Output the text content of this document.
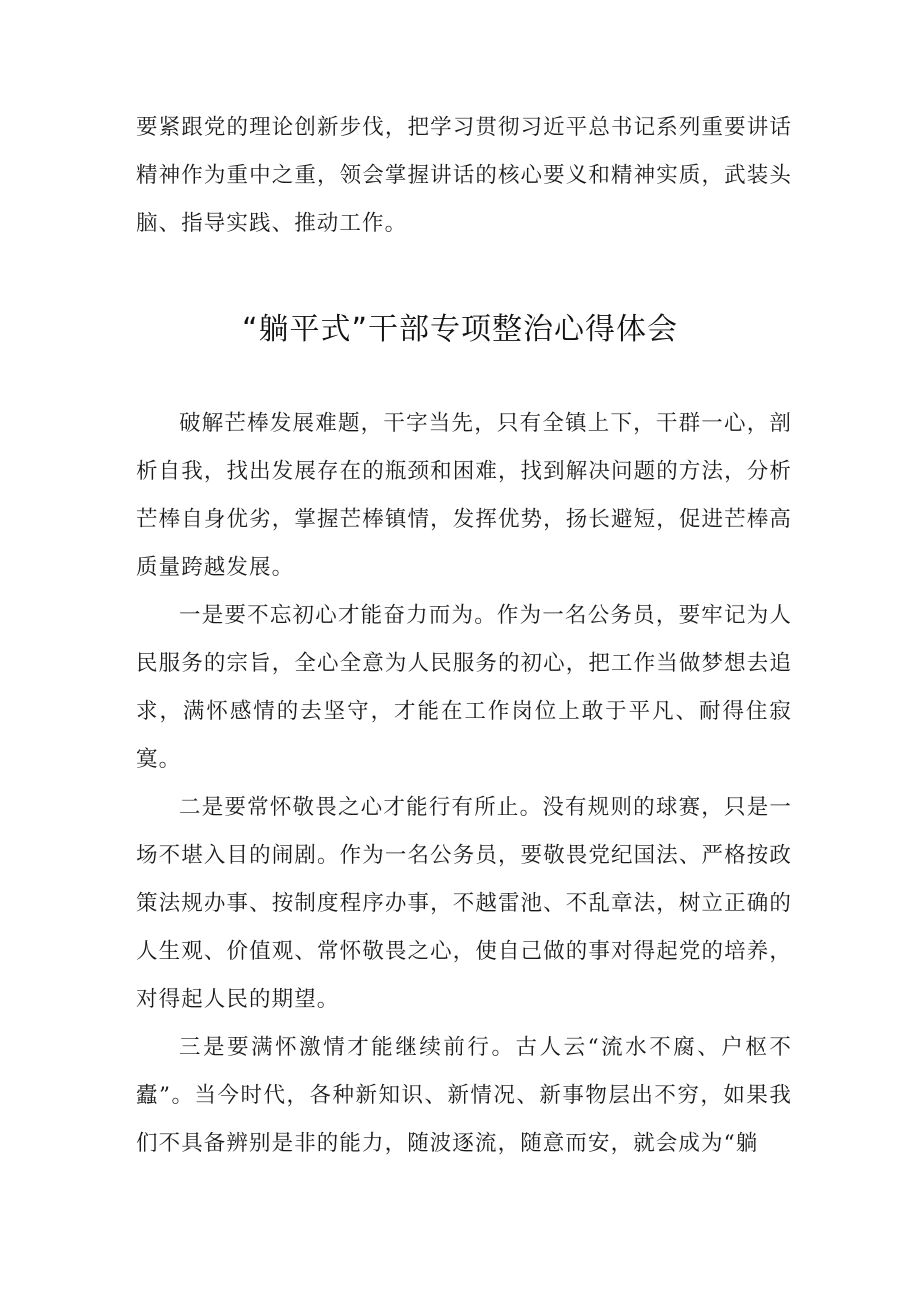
要紧跟党的理论创新步伐，把学习贯彻习近平总书记系列重要讲话精神作为重中之重，领会掌握讲话的核心要义和精神实质，武装头脑、指导实践、推动工作。

“躺平式”干部专项整治心得体会

破解芒棒发展难题，干字当先，只有全镇上下，干群一心，剖析自我，找出发展存在的瓶颈和困难，找到解决问题的方法，分析芒棒自身优劣，掌握芒棒镇情，发挥优势，扬长避短，促进芒棒高质量跨越发展。

一是要不忘初心才能奋力而为。作为一名公务员，要牢记为人民服务的宗旨，全心全意为人民服务的初心，把工作当做梦想去追求，满怀感情的去坚守，才能在工作岗位上敢于平凡、耐得住寂寞。

二是要常怀敬畏之心才能行有所止。没有规则的球赛，只是一场不堪入目的闹剧。作为一名公务员，要敬畏党纪国法、严格按政策法规办事、按制度程序办事，不越雷池、不乱章法，树立正确的人生观、价值观、常怀敬畏之心，使自己做的事对得起党的培养，对得起人民的期望。

三是要满怀激情才能继续前行。古人云“流水不腐、户枢不蠹”。当今时代，各种新知识、新情况、新事物层出不穷，如果我们不具备辨别是非的能力，随波逐流，随意而安，就会成为“躺
